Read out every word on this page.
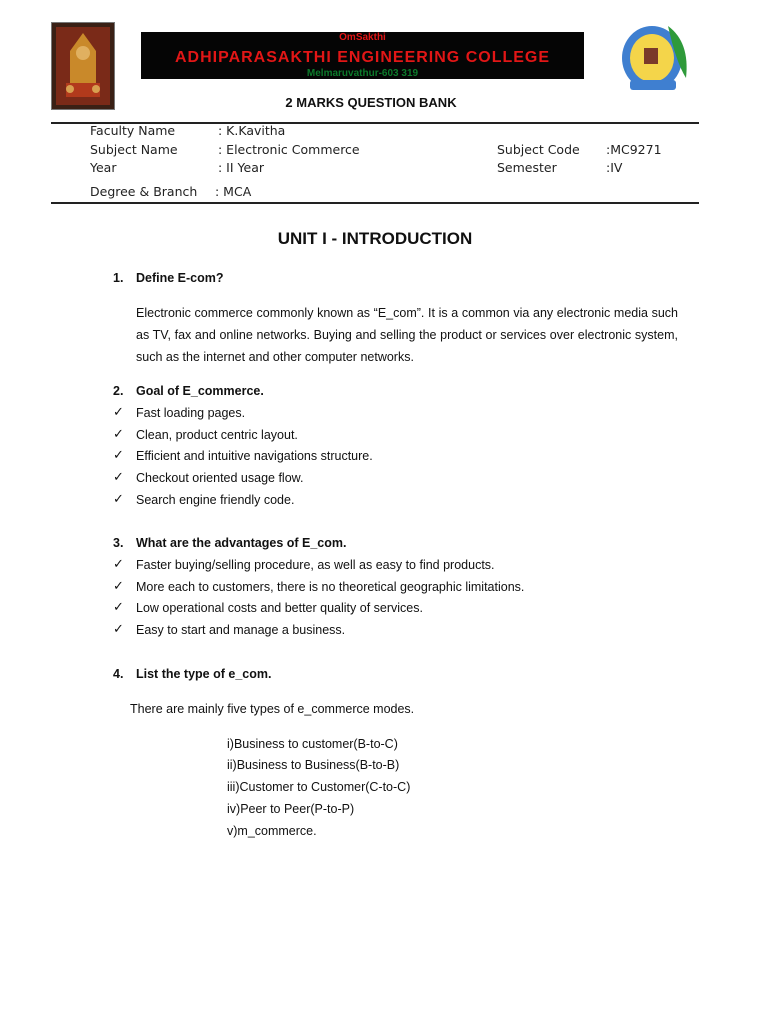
OmSakthi
ADHIPARASAKTHI ENGINEERING COLLEGE
Melmaruvathur-603 319
2 MARKS QUESTION BANK
Faculty Name	: K.Kavitha
Subject Name	: Electronic Commerce	Subject Code :MC9271
Year	: II Year	Semester	:IV
Degree & Branch : MCA
UNIT I - INTRODUCTION
1. Define E-com?
Electronic commerce commonly known as “E_com”. It is a common via any electronic media such as TV, fax and online networks. Buying and selling the product or services over electronic system, such as the internet and other computer networks.
2. Goal of E_commerce.
✓ Fast loading pages.
✓ Clean, product centric layout.
✓ Efficient and intuitive navigations structure.
✓ Checkout oriented usage flow.
✓ Search engine friendly code.
3. What are the advantages of E_com.
✓ Faster buying/selling procedure, as well as easy to find products.
✓ More each to customers, there is no theoretical geographic limitations.
✓ Low operational costs and better quality of services.
✓ Easy to start and manage a business.
4. List the type of e_com.
There are mainly five types of e_commerce modes.
i)Business to customer(B-to-C)
ii)Business to Business(B-to-B)
iii)Customer to Customer(C-to-C)
iv)Peer to Peer(P-to-P)
v)m_commerce.
